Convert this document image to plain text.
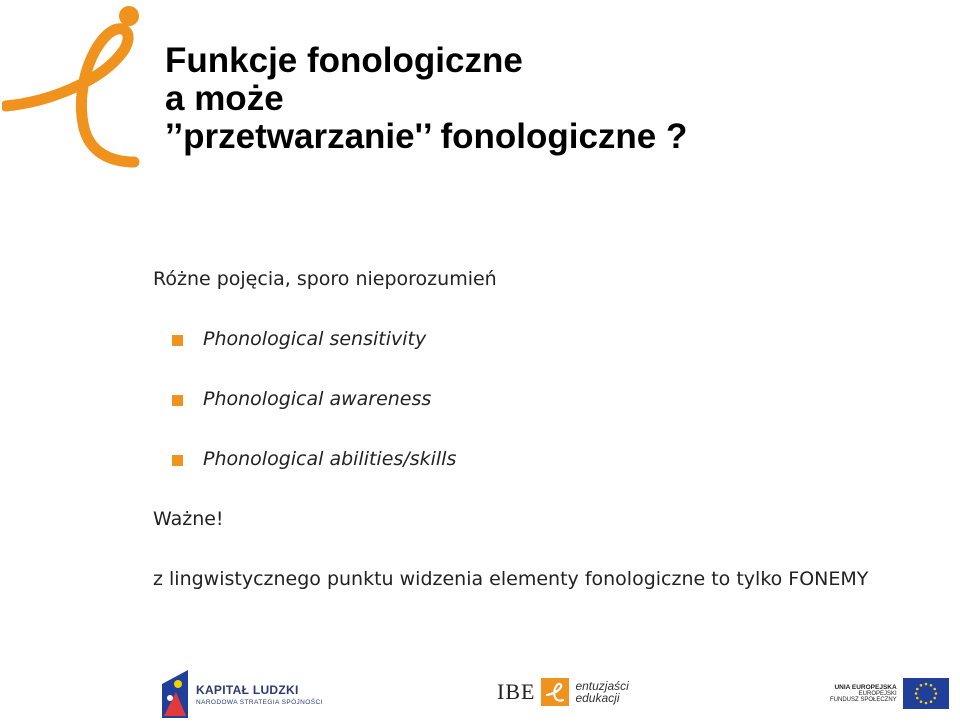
Funkcje fonologiczne
a może
’’przetwarzanie'’ fonologiczne ?
Różne pojęcia, sporo nieporozumień
Phonological sensitivity
Phonological awareness
Phonological abilities/skills
Ważne!
z lingwistycznego punktu widzenia elementy fonologiczne to tylko FONEMY
KAPITAŁ LUDZKI
NARODOWA STRATEGIA SPÓJNOŚCI	IBE	entuzjaści
edukacji
UNIA EUROPEJSKA
EUROPEJSKI
FUNDUSZ SPOŁECZNY
